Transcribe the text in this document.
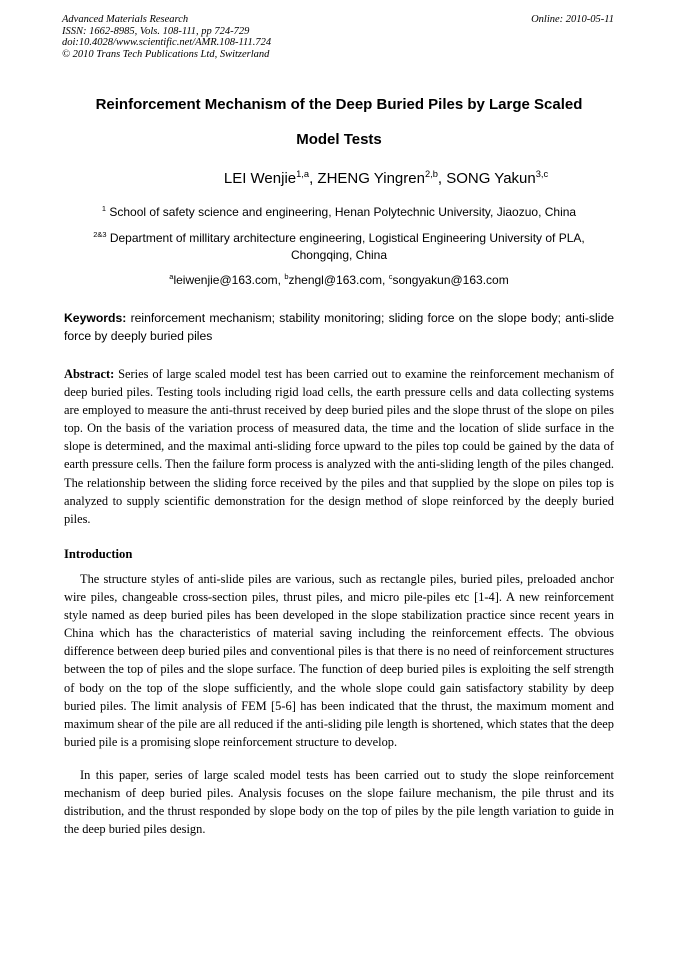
Advanced Materials Research
ISSN: 1662-8985, Vols. 108-111, pp 724-729
doi:10.4028/www.scientific.net/AMR.108-111.724
© 2010 Trans Tech Publications Ltd, Switzerland
Online: 2010-05-11
Reinforcement Mechanism of the Deep Buried Piles by Large Scaled
Model Tests
LEI Wenjie$^{1,a}$, ZHENG Yingren$^{2,b}$, SONG Yakun$^{3,c}$
$^1$ School of safety science and engineering, Henan Polytechnic University, Jiaozuo, China
$^{2\&3}$ Department of millitary architecture engineering, Logistical Engineering University of PLA, Chongqing, China
$^a$leiwenjie@163.com, $^b$zhengl@163.com, $^c$songyakun@163.com
Keywords: reinforcement mechanism; stability monitoring; sliding force on the slope body; anti-slide force by deeply buried piles

Abstract: Series of large scaled model test has been carried out to examine the reinforcement mechanism of deep buried piles. Testing tools including rigid load cells, the earth pressure cells and data collecting systems are employed to measure the anti-thrust received by deep buried piles and the slope thrust of the slope on piles top. On the basis of the variation process of measured data, the time and the location of slide surface in the slope is determined, and the maximal anti-sliding force upward to the piles top could be gained by the data of earth pressure cells. Then the failure form process is analyzed with the anti-sliding length of the piles changed. The relationship between the sliding force received by the piles and that supplied by the slope on piles top is analyzed to supply scientific demonstration for the design method of slope reinforced by the deeply buried piles.

Introduction

The structure styles of anti-slide piles are various, such as rectangle piles, buried piles, preloaded anchor wire piles, changeable cross-section piles, thrust piles, and micro pile-piles etc [1-4]. A new reinforcement style named as deep buried piles has been developed in the slope stabilization practice since recent years in China which has the characteristics of material saving including the reinforcement effects. The obvious difference between deep buried piles and conventional piles is that there is no need of reinforcement structures between the top of piles and the slope surface. The function of deep buried piles is exploiting the self strength of body on the top of the slope sufficiently, and the whole slope could gain satisfactory stability by deep buried piles. The limit analysis of FEM [5-6] has been indicated that the thrust, the maximum moment and maximum shear of the pile are all reduced if the anti-sliding pile length is shortened, which states that the deep buried pile is a promising slope reinforcement structure to develop.

In this paper, series of large scaled model tests has been carried out to study the slope reinforcement mechanism of deep buried piles. Analysis focuses on the slope failure mechanism, the pile thrust and its distribution, and the thrust responded by slope body on the top of piles by the pile length variation to guide in the deep buried piles design.
